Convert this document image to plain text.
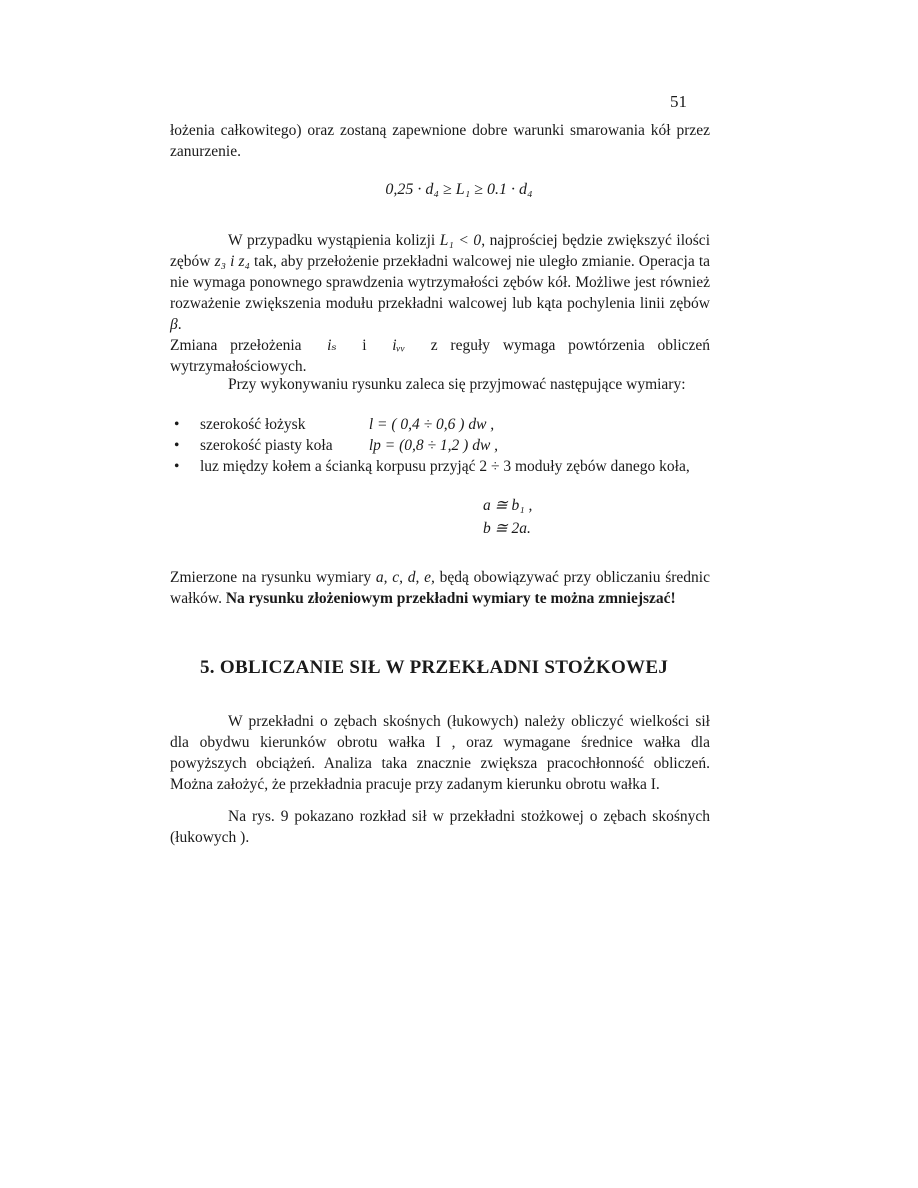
51

łożenia całkowitego) oraz zostaną zapewnione dobre warunki smarowania kół przez zanurzenie.

0,25 · d₄ ≥ L₁ ≥ 0.1 · d₄

W przypadku wystąpienia kolizji L₁ < 0, najprościej będzie zwiększyć ilości zębów z₃ i z₄ tak, aby przełożenie przekładni walcowej nie uległo zmianie. Operacja ta nie wymaga ponownego sprawdzenia wytrzymałości zębów kół. Możliwe jest również rozważenie zwiększenia modułu przekładni walcowej lub kąta pochylenia linii zębów β.

Zmiana przełożenia iₛ i iᵥᵥ z reguły wymaga powtórzenia obliczeń wytrzymałościowych.

Przy wykonywaniu rysunku zaleca się przyjmować następujące wymiary:

• szerokość łożysk	l = ( 0,4 ÷ 0,6 ) dw ,
• szerokość piasty koła lp = (0,8 ÷ 1,2 ) dw ,
• luz między kołem a ścianką korpusu przyjąć 2 ÷ 3 moduły zębów danego koła,
a ≅ b₁ ,
b ≅ 2a.

Zmierzone na rysunku wymiary a, c, d, e, będą obowiązywać przy obliczaniu średnic wałków. Na rysunku złożeniowym przekładni wymiary te można zmniejszać!

5. OBLICZANIE SIŁ W PRZEKŁADNI STOŻKOWEJ

W przekładni o zębach skośnych (łukowych) należy obliczyć wielkości sił dla obydwu kierunków obrotu wałka I , oraz wymagane średnice wałka dla powyższych obciążeń. Analiza taka znacznie zwiększa pracochłonność obliczeń. Można założyć, że przekładnia pracuje przy zadanym kierunku obrotu wałka I.

Na rys. 9 pokazano rozkład sił w przekładni stożkowej o zębach skośnych (łukowych ).
